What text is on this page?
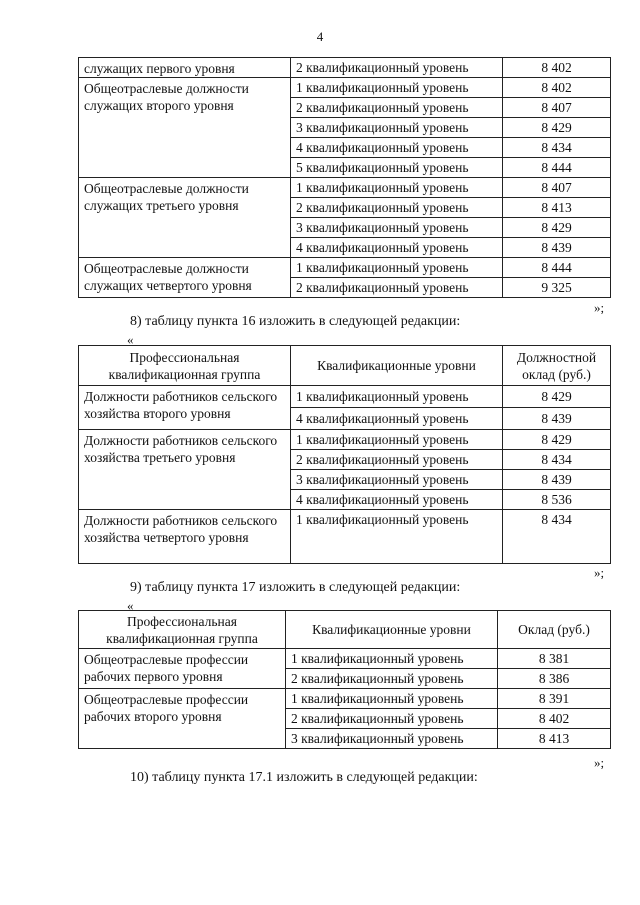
4
служащих первого уровня	2 квалификационный уровень	8 402
Общеотраслевые должности служащих второго уровня	1 квалификационный уровень	8 402
	2 квалификационный уровень	8 407
	3 квалификационный уровень	8 429
	4 квалификационный уровень	8 434
	5 квалификационный уровень	8 444
Общеотраслевые должности служащих третьего уровня	1 квалификационный уровень	8 407
	2 квалификационный уровень	8 413
	3 квалификационный уровень	8 429
	4 квалификационный уровень	8 439
Общеотраслевые должности служащих четвертого уровня	1 квалификационный уровень	8 444
	2 квалификационный уровень	9 325
»;
8) таблицу пункта 16 изложить в следующей редакции:
«
Профессиональная квалификационная группа	Квалификационные уровни	Должностной оклад (руб.)
Должности работников сельского хозяйства второго уровня	1 квалификационный уровень	8 429
	4 квалификационный уровень	8 439
Должности работников сельского хозяйства третьего уровня	1 квалификационный уровень	8 429
	2 квалификационный уровень	8 434
	3 квалификационный уровень	8 439
	4 квалификационный уровень	8 536
Должности работников сельского хозяйства четвертого уровня	1 квалификационный уровень	8 434
»;
9) таблицу пункта 17 изложить в следующей редакции:
«
Профессиональная квалификационная группа	Квалификационные уровни	Оклад (руб.)
Общеотраслевые профессии рабочих первого уровня	1 квалификационный уровень	8 381
	2 квалификационный уровень	8 386
Общеотраслевые профессии рабочих второго уровня	1 квалификационный уровень	8 391
	2 квалификационный уровень	8 402
	3 квалификационный уровень	8 413
»;
10) таблицу пункта 17.1 изложить в следующей редакции:
